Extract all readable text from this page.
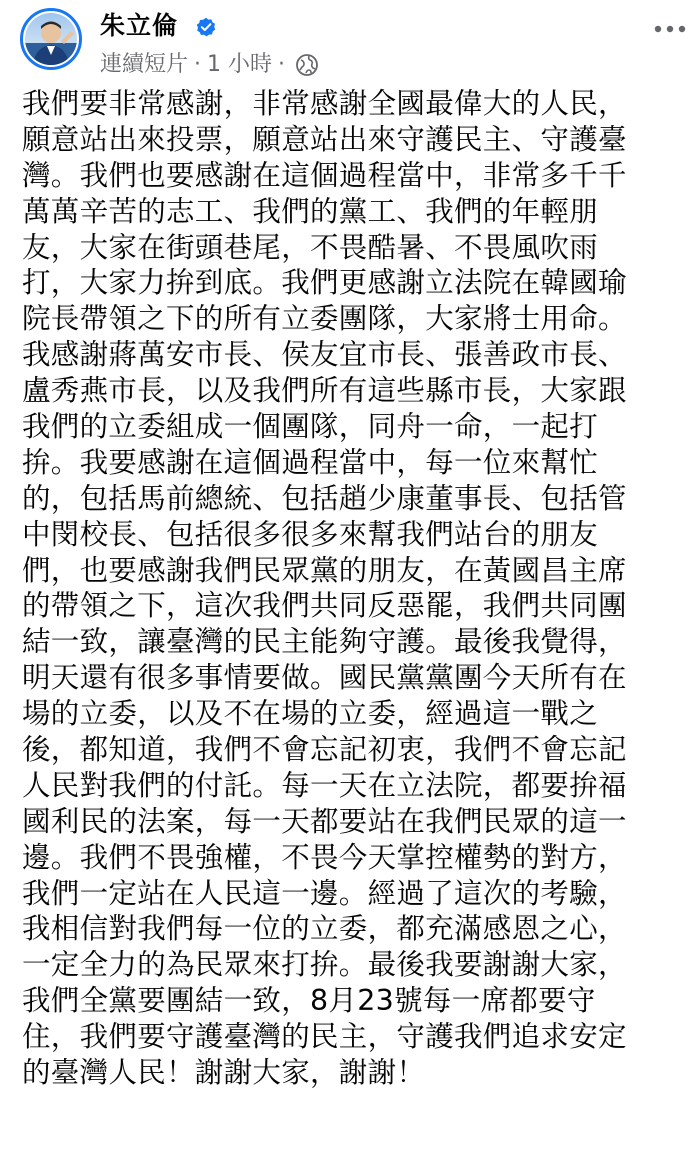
朱立倫
連續短片 · 1 小時 ·
我們要非常感謝，非常感謝全國最偉大的人民，
願意站出來投票，願意站出來守護民主、守護臺
灣。我們也要感謝在這個過程當中，非常多千千
萬萬辛苦的志工、我們的黨工、我們的年輕朋
友，大家在街頭巷尾，不畏酷暑、不畏風吹雨
打，大家力拚到底。我們更感謝立法院在韓國瑜
院長帶領之下的所有立委團隊，大家將士用命。
我感謝蔣萬安市長、侯友宜市長、張善政市長、
盧秀燕市長，以及我們所有這些縣市長，大家跟
我們的立委組成一個團隊，同舟一命，一起打
拚。我要感謝在這個過程當中，每一位來幫忙
的，包括馬前總統、包括趙少康董事長、包括管
中閔校長、包括很多很多來幫我們站台的朋友
們，也要感謝我們民眾黨的朋友，在黃國昌主席
的帶領之下，這次我們共同反惡罷，我們共同團
結一致，讓臺灣的民主能夠守護。最後我覺得，
明天還有很多事情要做。國民黨黨團今天所有在
場的立委，以及不在場的立委，經過這一戰之
後，都知道，我們不會忘記初衷，我們不會忘記
人民對我們的付託。每一天在立法院，都要拚福
國利民的法案，每一天都要站在我們民眾的這一
邊。我們不畏強權，不畏今天掌控權勢的對方，
我們一定站在人民這一邊。經過了這次的考驗，
我相信對我們每一位的立委，都充滿感恩之心，
一定全力的為民眾來打拚。最後我要謝謝大家，
我們全黨要團結一致，8月23號每一席都要守
住，我們要守護臺灣的民主，守護我們追求安定
的臺灣人民！謝謝大家，謝謝！
